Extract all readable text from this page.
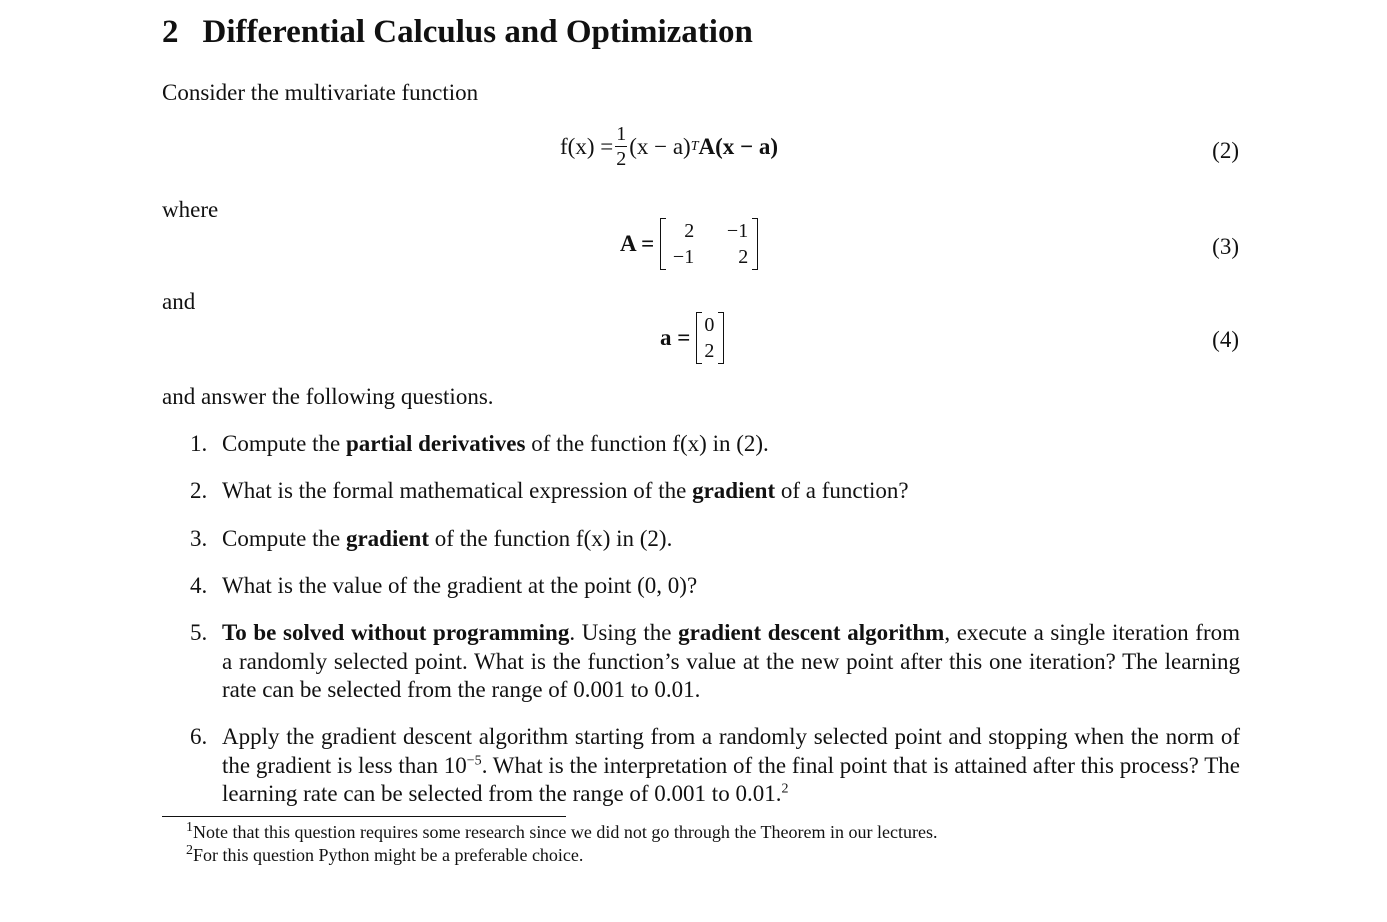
2 Differential Calculus and Optimization
Consider the multivariate function
$f(x) = \frac{1}{2} (x - a)$ T A(x − a)	(2)
where
A =	2	−1
−1	2	(3)
and
a = 0
2	(4)
and answer the following questions.
1. Compute the partial derivatives of the function f(x) in (2).
2. What is the formal mathematical expression of the gradient of a function?
3. Compute the gradient of the function f(x) in (2).
4. What is the value of the gradient at the point (0, 0)?
5. To be solved without programming. Using the gradient descent algorithm, execute a single iteration from a randomly selected point. What is the function’s value at the new point after this one iteration? The learning rate can be selected from the range of 0.001 to 0.01.
6. Apply the gradient descent algorithm starting from a randomly selected point and stopping when the norm of the gradient is less than $10^{-5}$. What is the interpretation of the final point that is attained after this process? The learning rate can be selected from the range of 0.001 to 0.01.$^2$
$^1$Note that this question requires some research since we did not go through the Theorem in our lectures.
$^2$For this question Python might be a preferable choice.
